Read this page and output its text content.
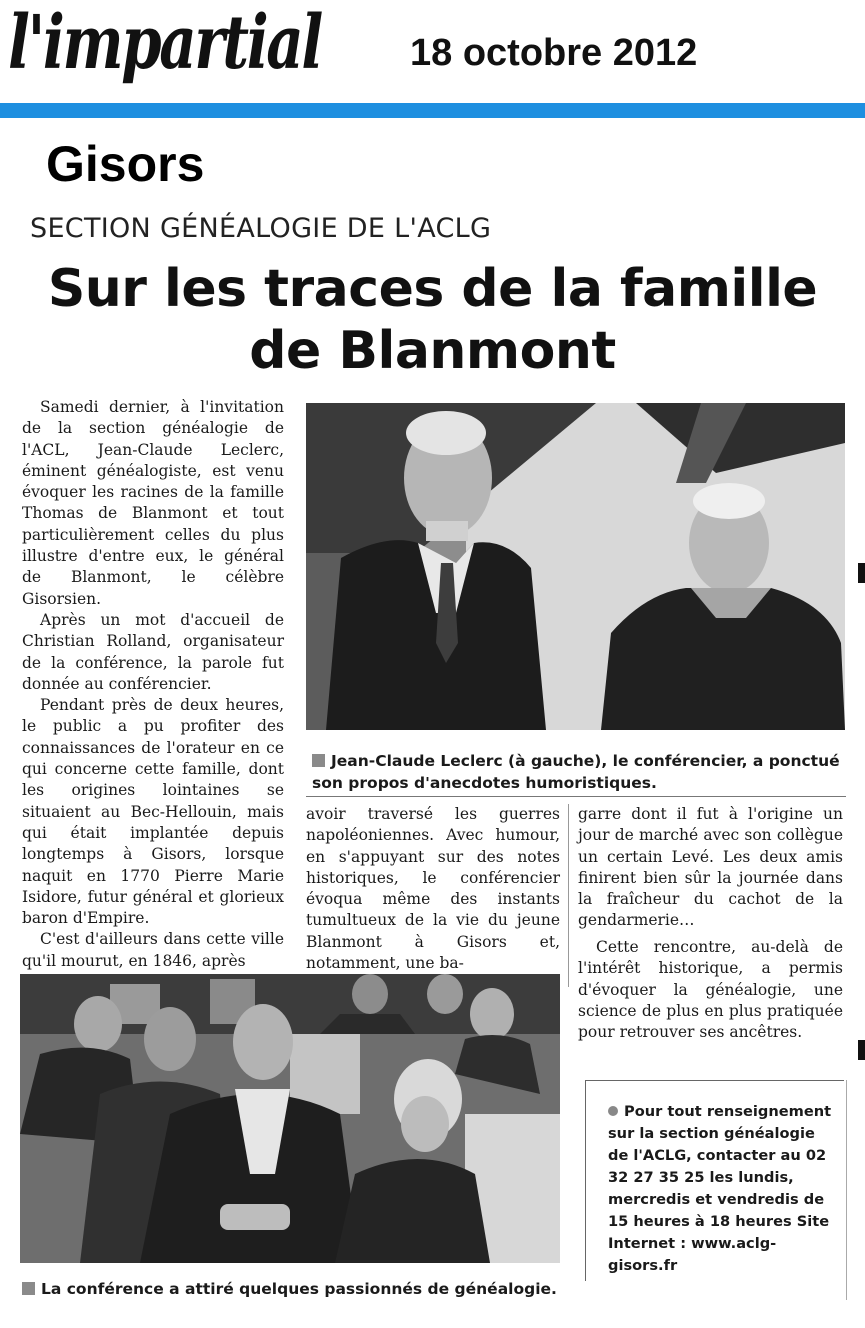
l'impartial 18 octobre 2012
Gisors
SECTION GÉNÉALOGIE DE L'ACLG
Sur les traces de la famille
de Blanmont

Samedi dernier, à l'invitation de la section généalogie de l'ACL, Jean-Claude Leclerc, éminent généalogiste, est venu évoquer les racines de la famille Thomas de Blanmont et tout particulièrement celles du plus illustre d'entre eux, le général de Blanmont, le célèbre Gisorsien.

Après un mot d'accueil de Christian Rolland, organisateur de la conférence, la parole fut donnée au conférencier.

Pendant près de deux heures, le public a pu profiter des connaissances de l'orateur en ce qui concerne cette famille, dont les origines lointaines se situaient au Bec-Hellouin, mais qui était implantée depuis longtemps à Gisors, lorsque naquit en 1770 Pierre Marie Isidore, futur général et glorieux baron d'Empire.

C'est d'ailleurs dans cette ville qu'il mourut, en 1846, après

Jean-Claude Leclerc (à gauche), le conférencier, a ponctué son propos d'anecdotes humoristiques.

avoir traversé les guerres napoléoniennes. Avec humour, en s'appuyant sur des notes historiques, le conférencier évoqua même des instants tumultueux de la vie du jeune Blanmont à Gisors et, notamment, une ba-

garre dont il fut à l'origine un jour de marché avec son collègue un certain Levé. Les deux amis finirent bien sûr la journée dans la fraîcheur du cachot de la gendarmerie…

Cette rencontre, au-delà de l'intérêt historique, a permis d'évoquer la généalogie, une science de plus en plus pratiquée pour retrouver ses ancêtres.

La conférence a attiré quelques passionnés de généalogie.
Pour tout renseignement sur la section généalogie de l'ACLG, contacter au 02 32 27 35 25 les lundis, mercredis et vendredis de 15 heures à 18 heures Site Internet : www.aclg-gisors.fr
